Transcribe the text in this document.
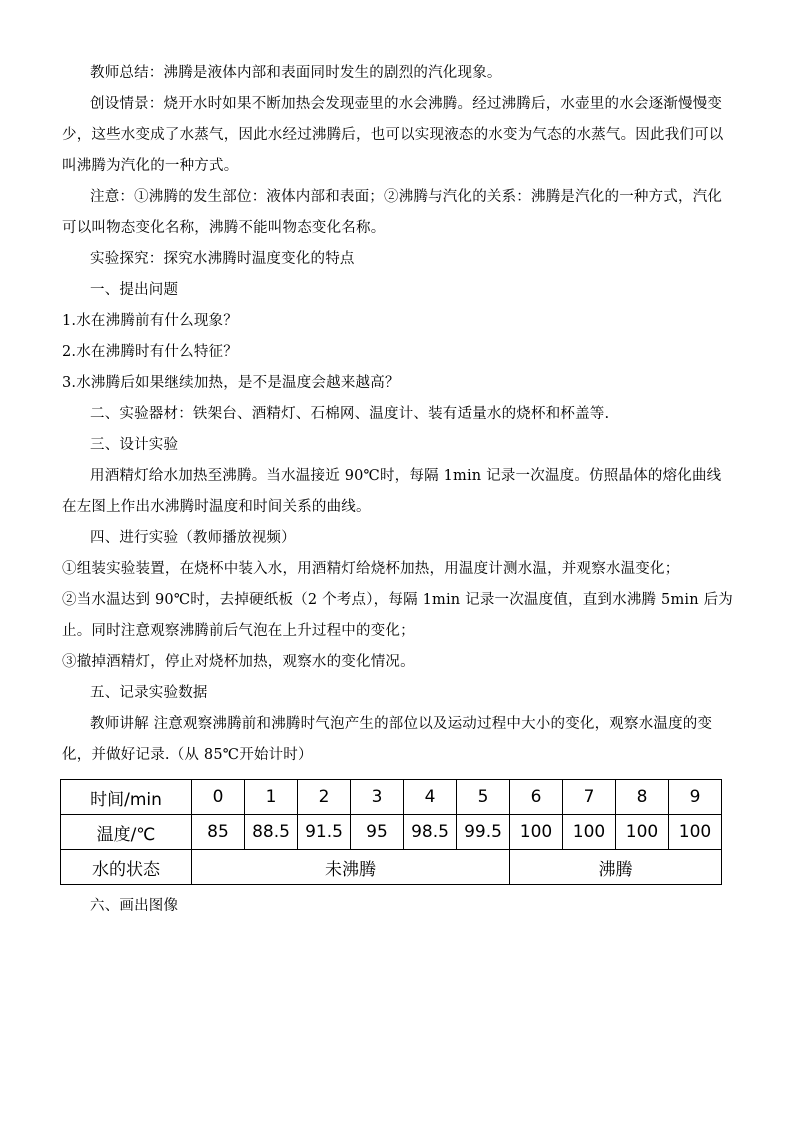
教师总结：沸腾是液体内部和表面同时发生的剧烈的汽化现象。

创设情景：烧开水时如果不断加热会发现壶里的水会沸腾。经过沸腾后，水壶里的水会逐渐慢慢变少，这些水变成了水蒸气，因此水经过沸腾后，也可以实现液态的水变为气态的水蒸气。因此我们可以叫沸腾为汽化的一种方式。

注意：①沸腾的发生部位：液体内部和表面；②沸腾与汽化的关系：沸腾是汽化的一种方式，汽化可以叫物态变化名称，沸腾不能叫物态变化名称。

实验探究：探究水沸腾时温度变化的特点

一、提出问题

1.水在沸腾前有什么现象？

2.水在沸腾时有什么特征？

3.水沸腾后如果继续加热，是不是温度会越来越高？

二、实验器材：铁架台、酒精灯、石棉网、温度计、装有适量水的烧杯和杯盖等.

三、设计实验

用酒精灯给水加热至沸腾。当水温接近 90℃时，每隔 1min 记录一次温度。仿照晶体的熔化曲线在左图上作出水沸腾时温度和时间关系的曲线。

四、进行实验（教师播放视频）

①组装实验装置，在烧杯中装入水，用酒精灯给烧杯加热，用温度计测水温，并观察水温变化；

②当水温达到 90℃时，去掉硬纸板（2 个考点），每隔 1min 记录一次温度值，直到水沸腾 5min 后为止。同时注意观察沸腾前后气泡在上升过程中的变化；

③撤掉酒精灯，停止对烧杯加热，观察水的变化情况。

五、记录实验数据

教师讲解 注意观察沸腾前和沸腾时气泡产生的部位以及运动过程中大小的变化，观察水温度的变化，并做好记录.（从 85℃开始计时）

时间/min	0	1	2	3	4	5	6	7	8	9
温度/℃	85	88.5	91.5	95	98.5	99.5	100	100	100	100
水的状态	未沸腾						沸腾			

六、画出图像
